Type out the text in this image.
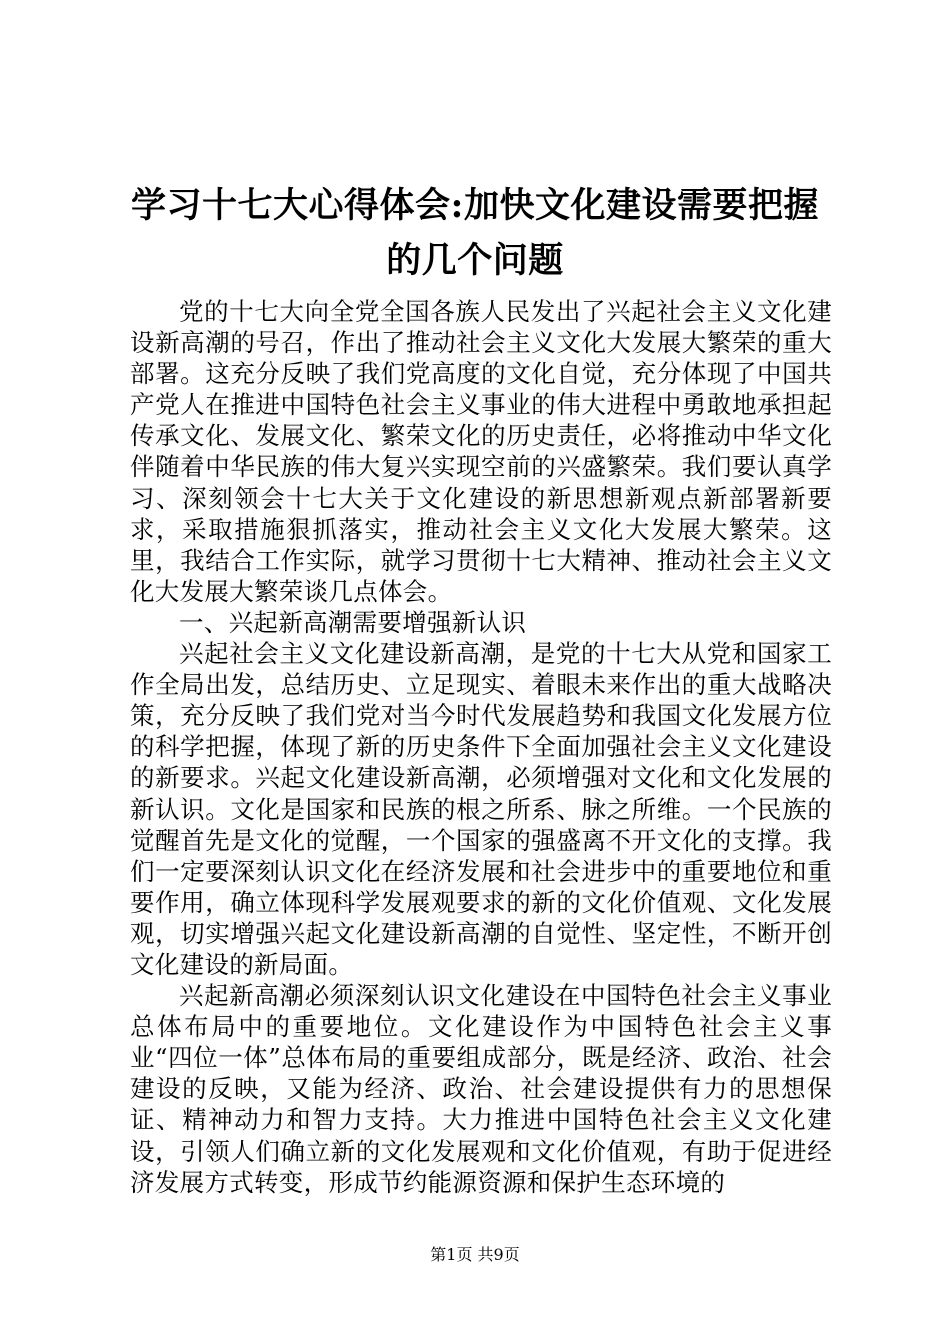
学习十七大心得体会:加快文化建设需要把握
的几个问题

党的十七大向全党全国各族人民发出了兴起社会主义文化建设新高潮的号召，作出了推动社会主义文化大发展大繁荣的重大部署。这充分反映了我们党高度的文化自觉，充分体现了中国共产党人在推进中国特色社会主义事业的伟大进程中勇敢地承担起传承文化、发展文化、繁荣文化的历史责任，必将推动中华文化伴随着中华民族的伟大复兴实现空前的兴盛繁荣。我们要认真学习、深刻领会十七大关于文化建设的新思想新观点新部署新要求，采取措施狠抓落实，推动社会主义文化大发展大繁荣。这里，我结合工作实际，就学习贯彻十七大精神、推动社会主义文化大发展大繁荣谈几点体会。

一、兴起新高潮需要增强新认识

兴起社会主义文化建设新高潮，是党的十七大从党和国家工作全局出发，总结历史、立足现实、着眼未来作出的重大战略决策，充分反映了我们党对当今时代发展趋势和我国文化发展方位的科学把握，体现了新的历史条件下全面加强社会主义文化建设的新要求。兴起文化建设新高潮，必须增强对文化和文化发展的新认识。文化是国家和民族的根之所系、脉之所维。一个民族的觉醒首先是文化的觉醒，一个国家的强盛离不开文化的支撑。我们一定要深刻认识文化在经济发展和社会进步中的重要地位和重要作用，确立体现科学发展观要求的新的文化价值观、文化发展观，切实增强兴起文化建设新高潮的自觉性、坚定性，不断开创文化建设的新局面。

兴起新高潮必须深刻认识文化建设在中国特色社会主义事业总体布局中的重要地位。文化建设作为中国特色社会主义事业“四位一体”总体布局的重要组成部分，既是经济、政治、社会建设的反映，又能为经济、政治、社会建设提供有力的思想保证、精神动力和智力支持。大力推进中国特色社会主义文化建设，引领人们确立新的文化发展观和文化价值观，有助于促进经济发展方式转变，形成节约能源资源和保护生态环境的

第1页 共9页
